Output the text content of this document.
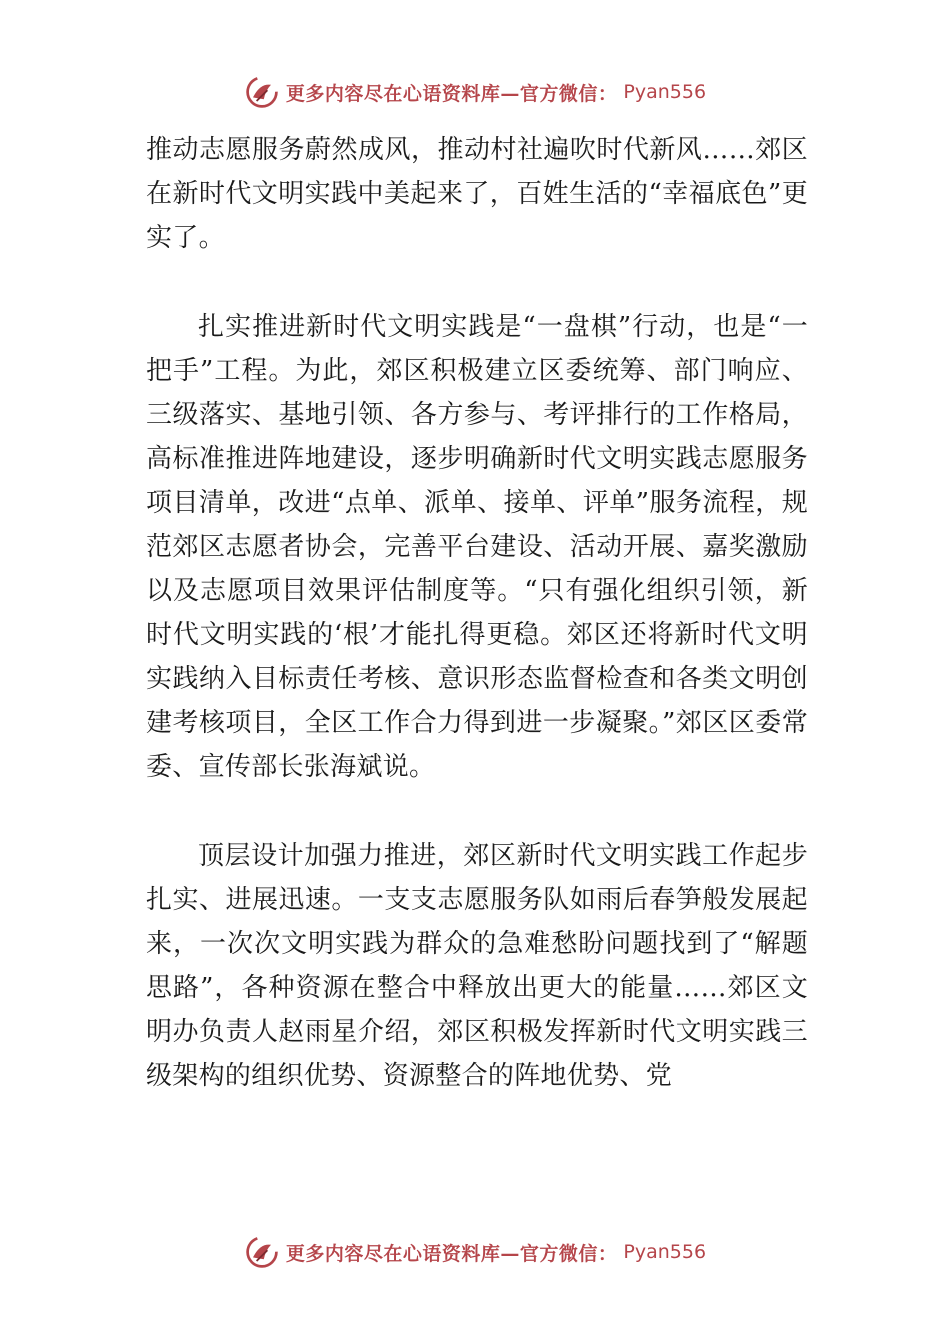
更多内容尽在心语资料库—官方微信： Pyan556

推动志愿服务蔚然成风，推动村社遍吹时代新风……郊区在新时代文明实践中美起来了，百姓生活的“幸福底色”更实了。

扎实推进新时代文明实践是“一盘棋”行动，也是“一把手”工程。为此，郊区积极建立区委统筹、部门响应、三级落实、基地引领、各方参与、考评排行的工作格局，高标准推进阵地建设，逐步明确新时代文明实践志愿服务项目清单，改进“点单、派单、接单、评单”服务流程，规范郊区志愿者协会，完善平台建设、活动开展、嘉奖激励以及志愿项目效果评估制度等。“只有强化组织引领，新时代文明实践的‘根’才能扎得更稳。郊区还将新时代文明实践纳入目标责任考核、意识形态监督检查和各类文明创建考核项目，全区工作合力得到进一步凝聚。”郊区区委常委、宣传部长张海斌说。

顶层设计加强力推进，郊区新时代文明实践工作起步扎实、进展迅速。一支支志愿服务队如雨后春笋般发展起来，一次次文明实践为群众的急难愁盼问题找到了“解题思路”，各种资源在整合中释放出更大的能量……郊区文明办负责人赵雨星介绍，郊区积极发挥新时代文明实践三级架构的组织优势、资源整合的阵地优势、党

更多内容尽在心语资料库—官方微信： Pyan556
